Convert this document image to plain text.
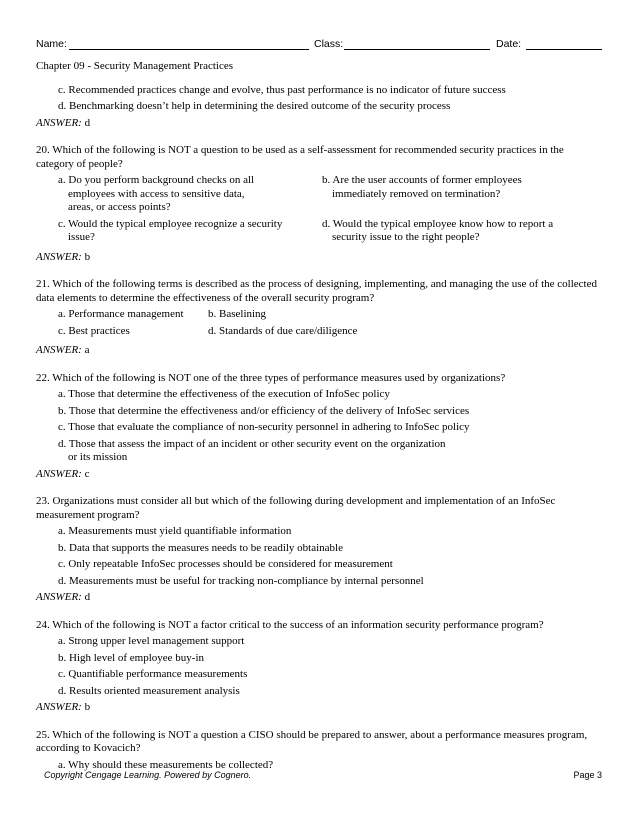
Name:	Class:	Date:
Chapter 09 - Security Management Practices
c. Recommended practices change and evolve, thus past performance is no indicator of future success
d. Benchmarking doesn’t help in determining the desired outcome of the security process
ANSWER: d
20. Which of the following is NOT a question to be used as a self-assessment for recommended security practices in the category of people?
a. Do you perform background checks on all
employees with access to sensitive data,
areas, or access points?
b. Are the user accounts of former employees
immediately removed on termination?
c. Would the typical employee recognize a security
issue?
d. Would the typical employee know how to report a
security issue to the right people?
ANSWER: b
21. Which of the following terms is described as the process of designing, implementing, and managing the use of the collected data elements to determine the effectiveness of the overall security program?
a. Performance management	b. Baselining
c. Best practices	d. Standards of due care/diligence
ANSWER: a
22. Which of the following is NOT one of the three types of performance measures used by organizations?
a. Those that determine the effectiveness of the execution of InfoSec policy
b. Those that determine the effectiveness and/or efficiency of the delivery of InfoSec services
c. Those that evaluate the compliance of non-security personnel in adhering to InfoSec policy
d. Those that assess the impact of an incident or other security event on the organization
or its mission
ANSWER: c
23. Organizations must consider all but which of the following during development and implementation of an InfoSec measurement program?
a. Measurements must yield quantifiable information
b. Data that supports the measures needs to be readily obtainable
c. Only repeatable InfoSec processes should be considered for measurement
d. Measurements must be useful for tracking non-compliance by internal personnel
ANSWER: d
24. Which of the following is NOT a factor critical to the success of an information security performance program?
a. Strong upper level management support
b. High level of employee buy-in
c. Quantifiable performance measurements
d. Results oriented measurement analysis
ANSWER: b
25. Which of the following is NOT a question a CISO should be prepared to answer, about a performance measures program, according to Kovacich?
a. Why should these measurements be collected?
Copyright Cengage Learning. Powered by Cognero.	Page 3
